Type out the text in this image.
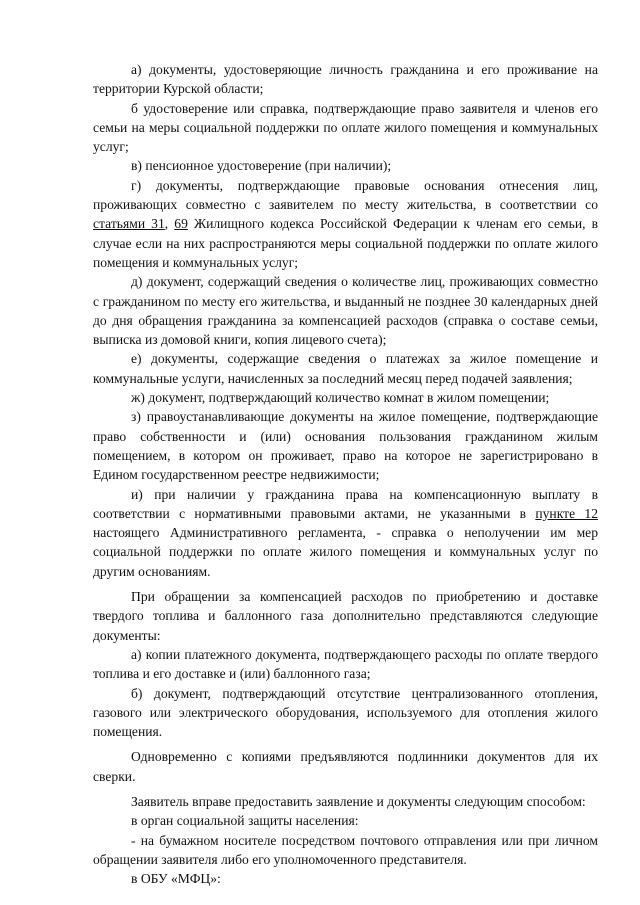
а) документы, удостоверяющие личность гражданина и его проживание на территории Курской области;

б удостоверение или справка, подтверждающие право заявителя и членов его семьи на меры социальной поддержки по оплате жилого помещения и коммунальных услуг;

в) пенсионное удостоверение (при наличии);

г) документы, подтверждающие правовые основания отнесения лиц, проживающих совместно с заявителем по месту жительства, в соответствии со статьями 31, 69 Жилищного кодекса Российской Федерации к членам его семьи, в случае если на них распространяются меры социальной поддержки по оплате жилого помещения и коммунальных услуг;

д) документ, содержащий сведения о количестве лиц, проживающих совместно с гражданином по месту его жительства, и выданный не позднее 30 календарных дней до дня обращения гражданина за компенсацией расходов (справка о составе семьи, выписка из домовой книги, копия лицевого счета);

е) документы, содержащие сведения о платежах за жилое помещение и коммунальные услуги, начисленных за последний месяц перед подачей заявления;

ж) документ, подтверждающий количество комнат в жилом помещении;

з) правоустанавливающие документы на жилое помещение, подтверждающие право собственности и (или) основания пользования гражданином жилым помещением, в котором он проживает, право на которое не зарегистрировано в Едином государственном реестре недвижимости;

и) при наличии у гражданина права на компенсационную выплату в соответствии с нормативными правовыми актами, не указанными в пункте 12 настоящего Административного регламента, - справка о неполучении им мер социальной поддержки по оплате жилого помещения и коммунальных услуг по другим основаниям.

При обращении за компенсацией расходов по приобретению и доставке твердого топлива и баллонного газа дополнительно представляются следующие документы:

а) копии платежного документа, подтверждающего расходы по оплате твердого топлива и его доставке и (или) баллонного газа;

б) документ, подтверждающий отсутствие централизованного отопления, газового или электрического оборудования, используемого для отопления жилого помещения.

Одновременно с копиями предъявляются подлинники документов для их сверки.

Заявитель вправе предоставить заявление и документы следующим способом:

в орган социальной защиты населения:

- на бумажном носителе посредством почтового отправления или при личном обращении заявителя либо его уполномоченного представителя.

в ОБУ «МФЦ»:
